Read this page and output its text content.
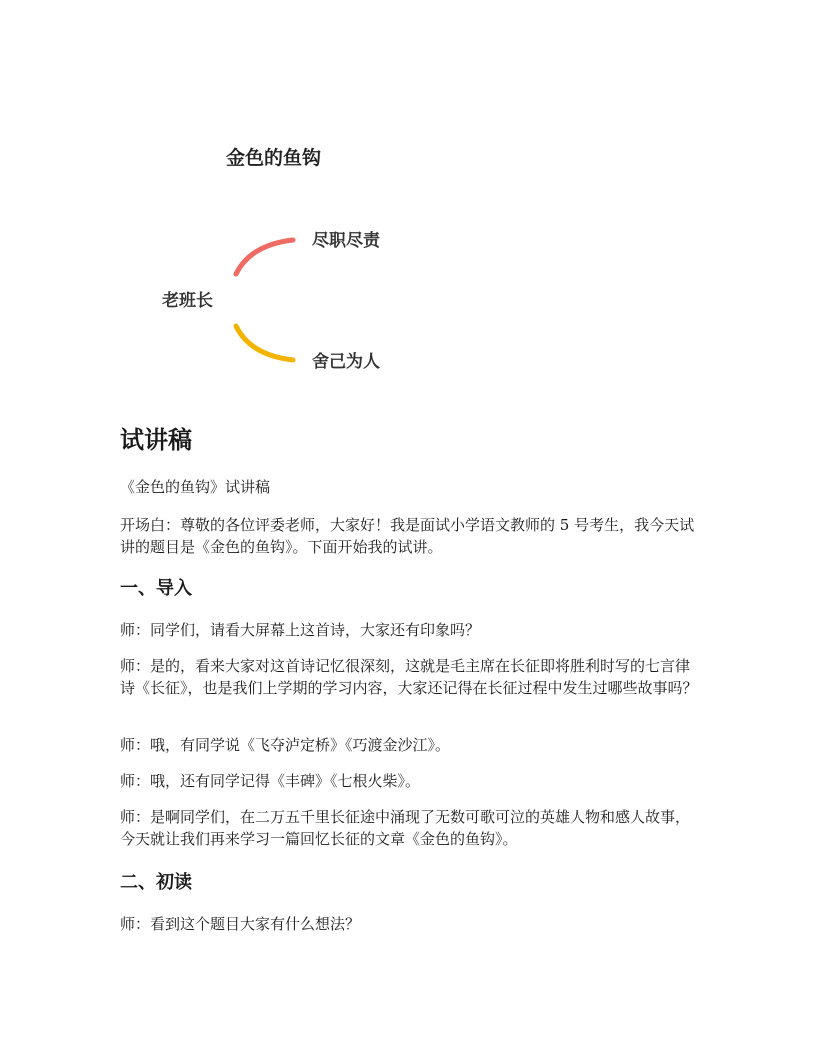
金色的鱼钩
老班长
尽职尽责
舍己为人
试讲稿
《金色的鱼钩》试讲稿
开场白：尊敬的各位评委老师，大家好！我是面试小学语文教师的 5 号考生，我今天试讲的题目是《金色的鱼钩》。下面开始我的试讲。
一、导入
师：同学们，请看大屏幕上这首诗，大家还有印象吗？
师：是的，看来大家对这首诗记忆很深刻，这就是毛主席在长征即将胜利时写的七言律诗《长征》，也是我们上学期的学习内容，大家还记得在长征过程中发生过哪些故事吗？
师：哦，有同学说《飞夺泸定桥》《巧渡金沙江》。
师：哦，还有同学记得《丰碑》《七根火柴》。
师：是啊同学们，在二万五千里长征途中涌现了无数可歌可泣的英雄人物和感人故事，今天就让我们再来学习一篇回忆长征的文章《金色的鱼钩》。
二、初读
师：看到这个题目大家有什么想法？
